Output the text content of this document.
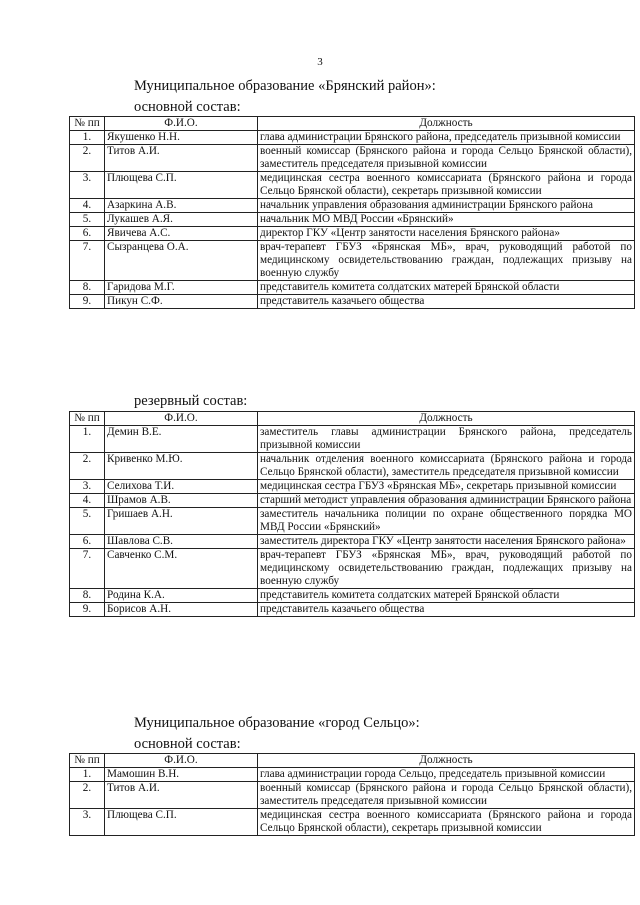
3
Муниципальное образование «Брянский район»:
основной состав:
№ пп	Ф.И.О.	Должность
1.	Якушенко Н.Н.	глава администрации Брянского района, председатель призывной комиссии
2.	Титов А.И.	военный комиссар (Брянского района и города Сельцо Брянской области), заместитель председателя призывной комиссии
3.	Плющева С.П.	медицинская сестра военного комиссариата (Брянского района и города Сельцо Брянской области), секретарь призывной комиссии
4.	Азаркина А.В.	начальник управления образования администрации Брянского района
5.	Лукашев А.Я.	начальник МО МВД России «Брянский»
6.	Явичева А.С.	директор ГКУ «Центр занятости населения Брянского района»
7.	Сызранцева О.А.	врач-терапевт ГБУЗ «Брянская МБ», врач, руководящий работой по медицинскому освидетельствованию граждан, подлежащих призыву на военную службу
8.	Гаридова М.Г.	представитель комитета солдатских матерей Брянской области
9.	Пикун С.Ф.	представитель казачьего общества
резервный состав:
№ пп	Ф.И.О.	Должность
1.	Демин В.Е.	заместитель главы администрации Брянского района, председатель призывной комиссии
2.	Кривенко М.Ю.	начальник отделения военного комиссариата (Брянского района и города Сельцо Брянской области), заместитель председателя призывной комиссии
3.	Селихова Т.И.	медицинская сестра ГБУЗ «Брянская МБ», секретарь призывной комиссии
4.	Шрамов А.В.	старший методист управления образования администрации Брянского района
5.	Гришаев А.Н.	заместитель начальника полиции по охране общественного порядка МО МВД России «Брянский»
6.	Шавлова С.В.	заместитель директора ГКУ «Центр занятости населения Брянского района»
7.	Савченко С.М.	врач-терапевт ГБУЗ «Брянская МБ», врач, руководящий работой по медицинскому освидетельствованию граждан, подлежащих призыву на военную службу
8.	Родина К.А.	представитель комитета солдатских матерей Брянской области
9.	Борисов А.Н.	представитель казачьего общества
Муниципальное образование «город Сельцо»:
основной состав:
№ пп	Ф.И.О.	Должность
1.	Мамошин В.Н.	глава администрации города Сельцо, председатель призывной комиссии
2.	Титов А.И.	военный комиссар (Брянского района и города Сельцо Брянской области), заместитель председателя призывной комиссии
3.	Плющева С.П.	медицинская сестра военного комиссариата (Брянского района и города Сельцо Брянской области), секретарь призывной комиссии
